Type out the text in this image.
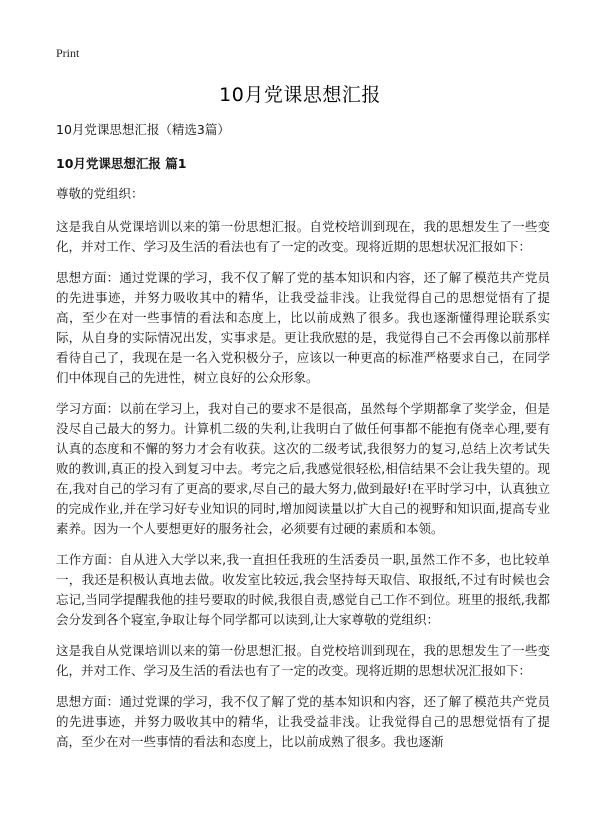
Print
10月党课思想汇报

10月党课思想汇报（精选3篇）

10月党课思想汇报 篇1

尊敬的党组织：

这是我自从党课培训以来的第一份思想汇报。自党校培训到现在，我的思想发生了一些变化，并对工作、学习及生活的看法也有了一定的改变。现将近期的思想状况汇报如下：

思想方面：通过党课的学习，我不仅了解了党的基本知识和内容，还了解了模范共产党员的先进事迹，并努力吸收其中的精华，让我受益非浅。让我觉得自己的思想觉悟有了提高，至少在对一些事情的看法和态度上，比以前成熟了很多。我也逐渐懂得理论联系实际，从自身的实际情况出发，实事求是。更让我欣慰的是，我觉得自己不会再像以前那样看待自己了，我现在是一名入党积极分子，应该以一种更高的标准严格要求自己，在同学们中体现自己的先进性，树立良好的公众形象。

学习方面：以前在学习上，我对自己的要求不是很高，虽然每个学期都拿了奖学金，但是没尽自己最大的努力。计算机二级的失利,让我明白了做任何事都不能抱有侥幸心理,要有认真的态度和不懈的努力才会有收获。这次的二级考试,我很努力的复习,总结上次考试失败的教训,真正的投入到复习中去。考完之后,我感觉很轻松,相信结果不会让我失望的。现在,我对自己的学习有了更高的要求,尽自己的最大努力,做到最好!在平时学习中，认真独立的完成作业,并在学习好专业知识的同时,增加阅读量以扩大自己的视野和知识面,提高专业素养。因为一个人要想更好的服务社会，必须要有过硬的素质和本领。

工作方面：自从进入大学以来,我一直担任我班的生活委员一职,虽然工作不多，也比较单一，我还是积极认真地去做。收发室比较远,我会坚持每天取信、取报纸,不过有时候也会忘记,当同学提醒我他的挂号要取的时候,我很自责,感觉自己工作不到位。班里的报纸,我都会分发到各个寝室,争取让每个同学都可以读到,让大家尊敬的党组织：

这是我自从党课培训以来的第一份思想汇报。自党校培训到现在，我的思想发生了一些变化，并对工作、学习及生活的看法也有了一定的改变。现将近期的思想状况汇报如下：

思想方面：通过党课的学习，我不仅了解了党的基本知识和内容，还了解了模范共产党员的先进事迹，并努力吸收其中的精华，让我受益非浅。让我觉得自己的思想觉悟有了提高，至少在对一些事情的看法和态度上，比以前成熟了很多。我也逐渐
